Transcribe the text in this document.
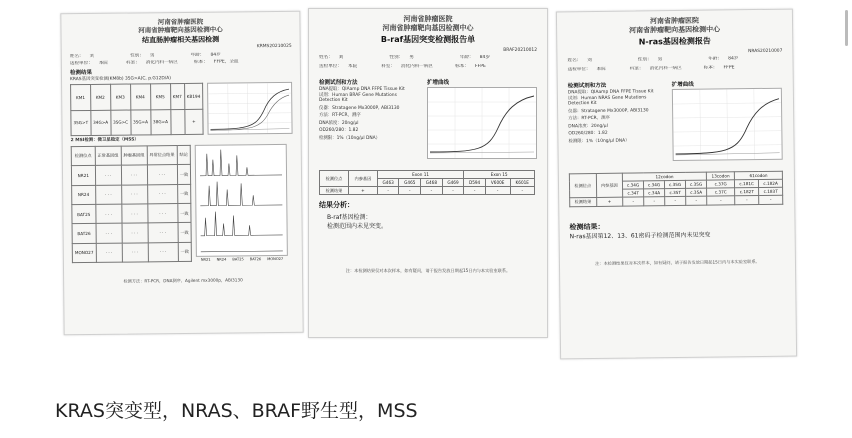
河南省肿瘤医院
河南省肿瘤靶向基因检测中心
结直肠肿瘤相关基因检测
KRMS20210025
姓名： 刘	性别： 男	年龄： 84岁
送检单位： 本院	科室： 消化内科一病区	标本： FFPE，全血
检测结果
KRAS基因突变检测(KM8b) 35G>A(C, p.G12D/A)
KM1	KM2	KM3	KM4	KM5	KM7	KB194
35G>T	34G>A	35G>C	35G>A	38G>A		+
2 MSI检测：微卫星稳定（MSS）
检测位点	正常基因组	肿瘤基因组	异常位点结果	结论
NR21	· · ·	· · ·	· · ·	一致
NR24	· · ·	· · ·	· · ·	一致
BAT25	· · ·	· · ·	· · ·	一致
BAT26	· · ·	· · ·	· · ·	一致
MONO27	· · ·	· · ·	· · ·	一致
NR21 NR24 BAT25 BAT26 MONO27
检测方法：RT-PCR，DNA测序，Agilent mx3000p，ABI3130
河南省肿瘤医院
河南省肿瘤靶向基因检测中心
B-raf基因突变检测报告单
BRAF20210012
姓名： 刘	性别： 男	年龄： 84岁
送检单位： 本院	科室： 消化内科一病区	标本： FFPE
检测试剂和方法
DNA提取：QIAamp DNA FFPE Tissue Kit
试剂：Human BRAF Gene Mutations Detection Kit
仪器：Stratagene Mx3000P, ABI3130
方法：RT-PCR，测序
DNA浓度：20ng/μl
OD260/280：1.82
检测限：1%（10ng/μl DNA）
扩增曲线
检测位点	内参基因	Exon 11				Exon 15		
		G463	G465	G468	G469	D594	V600E	K601E
检测结果	+	-	-	-	-	-	-	-
结果分析：
B-raf基因检测：
检测范围内未见突变。
注：本检测结果仅对本次样本，如有疑问，请于报告发放日期起15日内与本实验室联系。
河南省肿瘤医院
河南省肿瘤靶向基因检测中心
N-ras基因检测报告
NRAS20210007
姓名： 刘	性别： 男	年龄： 84岁
送检单位： 本院	科室： 消化内科一病区	标本： FFPE
检测试剂和方法
DNA提取：QIAamp DNA FFPE Tissue Kit
试剂：Human NRAS Gene Mutations Detection Kit
仪器：Stratagene Mx3000P, ABI3130
方法：RT-PCR，测序
DNA浓度：20ng/μl
OD260/280：1.82
检测限：1%（10ng/μl DNA）
扩增曲线
检测位点	内参基因	12codon				13codon	61codon	
		c.34G	c.34G	c.35G	c.35G	c.37G	c.181C	c.182A
		c.34T	c.34A	c.35T	c.35A	c.37C	c.182T	c.183T
检测结果	+	-	-	-	-	-	-	-
检测结果：
N-ras基因第12、13、61密码子检测范围内未见突变
注：本检测结果仅对本次样本，如有疑问，请于报告发放日期起15日内与本实验室联系。
KRAS突变型，NRAS、BRAF野生型，MSS
